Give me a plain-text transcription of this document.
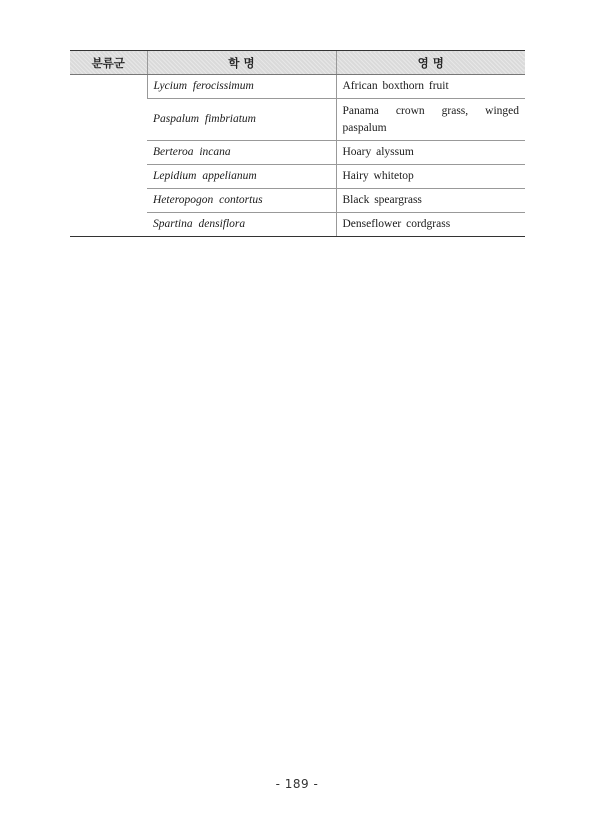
분류군	학 명	영 명
	Lycium ferocissimum	African boxthorn fruit
	Paspalum fimbriatum	Panama crown grass, winged paspalum
	Berteroa incana	Hoary alyssum
	Lepidium appelianum	Hairy whitetop
	Heteropogon contortus	Black speargrass
	Spartina densiflora	Denseflower cordgrass
- 189 -
